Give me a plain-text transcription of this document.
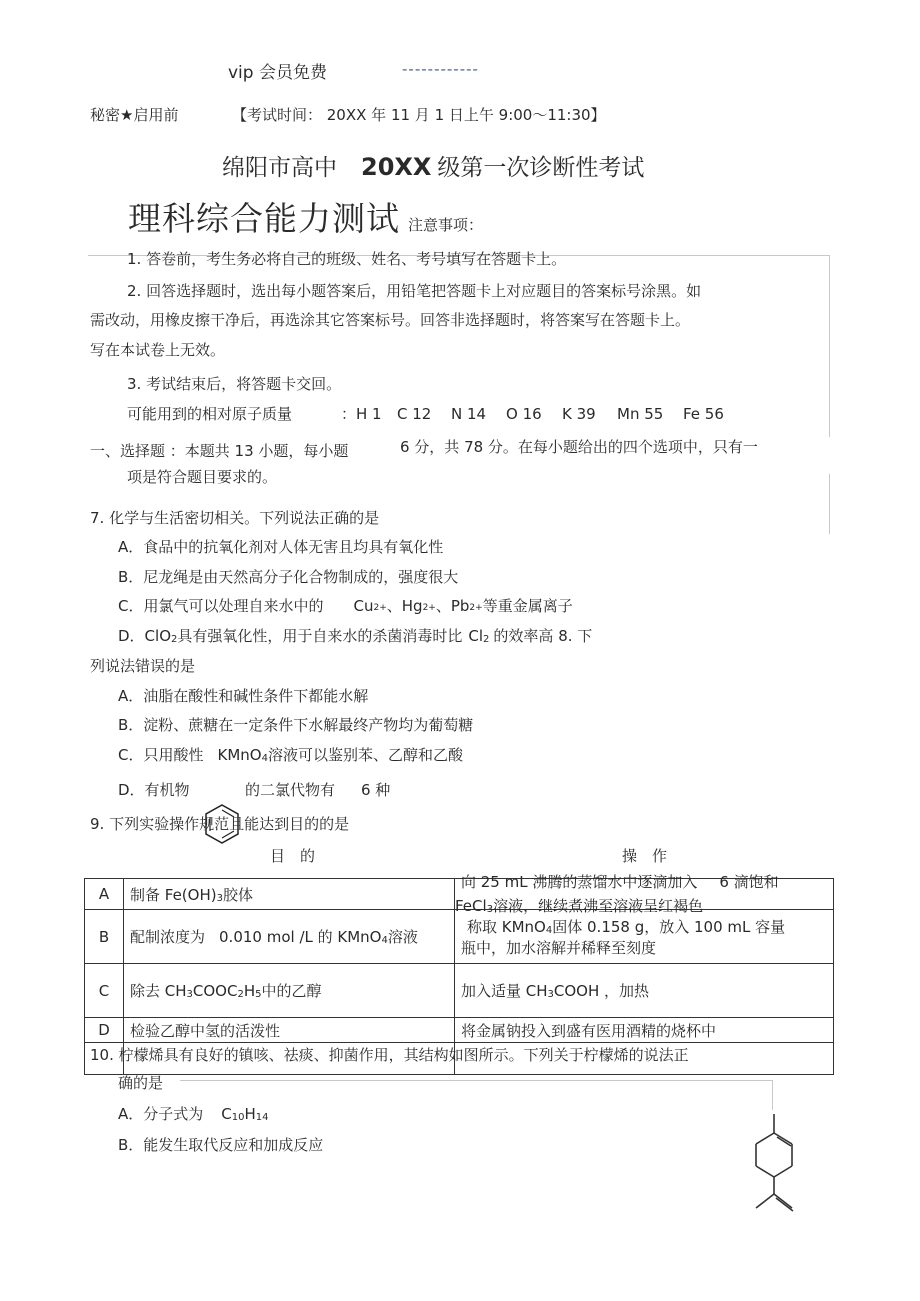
vip 会员免费	------------
秘密★启用前	【考试时间： 20XX 年 11 月 1 日上午 9:00～11:30】
绵阳市高中 20XX 级第一次诊断性考试
理科综合能力测试 注意事项：
1. 答卷前，考生务必将自己的班级、姓名、考号填写在答题卡上。
2. 回答选择题时，选出每小题答案后，用铅笔把答题卡上对应题目的答案标号涂黑。如
需改动，用橡皮擦干净后，再选涂其它答案标号。回答非选择题时，将答案写在答题卡上。
写在本试卷上无效。
3. 考试结束后，将答题卡交回。
可能用到的相对原子质量	：H 1 C 12 N 14 O 16 K 39 Mn 55 Fe 56
一、选择题 ：本题共 13 小题，每小题	6 分，共 78 分。在每小题给出的四个选项中，只有一
项是符合题目要求的。
7. 化学与生活密切相关。下列说法正确的是
A．食品中的抗氧化剂对人体无害且均具有氧化性
B．尼龙绳是由天然高分子化合物制成的，强度很大
C．用氯气可以处理自来水中的 Cu2+、Hg2+、Pb2+等重金属离子
D．ClO2具有强氧化性，用于自来水的杀菌消毒时比 Cl2 的效率高 8. 下
列说法错误的是
A．油脂在酸性和碱性条件下都能水解
B．淀粉、蔗糖在一定条件下水解最终产物均为葡萄糖
C．只用酸性 KMnO4溶液可以鉴别苯、乙醇和乙酸
D．有机物	的二氯代物有 6 种
9. 下列实验操作规范且能达到目的的是
目　的	操　作
A	制备 Fe(OH)3胶体	向 25 mL 沸腾的蒸馏水中逐滴加入 6 滴饱和
FeCl3溶液，继续煮沸至溶液呈红褐色

B	配制浓度为 0.010 mol /L 的 KMnO4溶液	称取 KMnO4固体 0.158 g，放入 100 mL 容量
瓶中，加水溶解并稀释至刻度

C	除去 CH3COOC2H5中的乙醇	加入适量 CH3COOH ，加热
D	检验乙醇中氢的活泼性	将金属钠投入到盛有医用酒精的烧杯中

10. 柠檬烯具有良好的镇咳、祛痰、抑菌作用，其结构如图所示。下列关于柠檬烯的说法正
确的是
A．分子式为 C10H14
B．能发生取代反应和加成反应
